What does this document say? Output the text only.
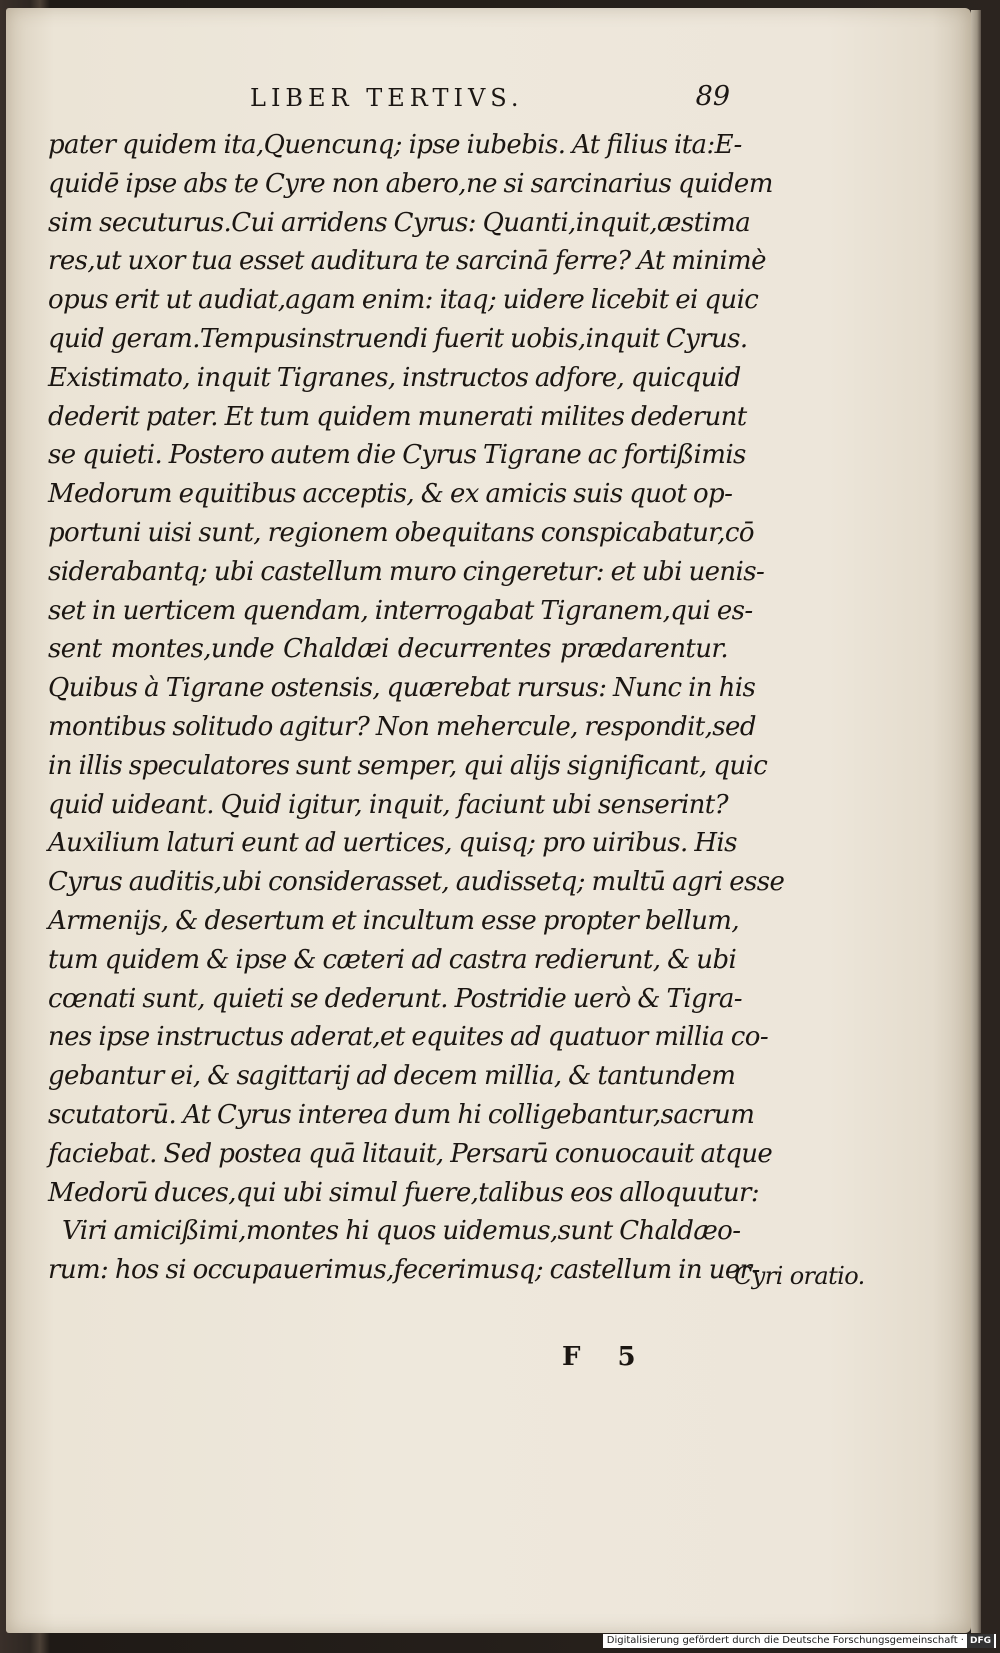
LIBER TERTIVS.	89
pater quidem ita,Quencunq; ipse iubebis. At filius ita:E-
quidē ipse abs te Cyre non abero,ne si sarcinarius quidem
sim secuturus.Cui arridens Cyrus: Quanti,inquit,æstima
res,ut uxor tua esset auditura te sarcinā ferre? At minimè
opus erit ut audiat,agam enim: itaq; uidere licebit ei quic
quid geram.Tempusinstruendi fuerit uobis,inquit Cyrus.
Existimato, inquit Tigranes, instructos adfore, quicquid
dederit pater. Et tum quidem munerati milites dederunt
se quieti. Postero autem die Cyrus Tigrane ac fortißimis
Medorum equitibus acceptis, & ex amicis suis quot op-
portuni uisi sunt, regionem obequitans conspicabatur,cō
siderabantq; ubi castellum muro cingeretur: et ubi uenis-
set in uerticem quendam, interrogabat Tigranem,qui es-
sent montes,unde Chaldæi decurrentes prædarentur.
Quibus à Tigrane ostensis, quærebat rursus: Nunc in his
montibus solitudo agitur? Non mehercule, respondit,sed
in illis speculatores sunt semper, qui alijs significant, quic
quid uideant. Quid igitur, inquit, faciunt ubi senserint?
Auxilium laturi eunt ad uertices, quisq; pro uiribus. His
Cyrus auditis,ubi considerasset, audissetq; multū agri esse
Armenijs, & desertum et incultum esse propter bellum,
tum quidem & ipse & cæteri ad castra redierunt, & ubi
cœnati sunt, quieti se dederunt. Postridie uerò & Tigra-
nes ipse instructus aderat,et equites ad quatuor millia co-
gebantur ei, & sagittarij ad decem millia, & tantundem
scutatorū. At Cyrus interea dum hi colligebantur,sacrum
faciebat. Sed postea quā litauit, Persarū conuocauit atque
Medorū duces,qui ubi simul fuere,talibus eos alloquutur:
Viri amicißimi,montes hi quos uidemus,sunt Chaldæo-
rum: hos si occupauerimus,fecerimusq; castellum in uer-
Cyri oratio.
F 5
Digitalisierung gefördert durch die Deutsche Forschungsgemeinschaft · DFG
